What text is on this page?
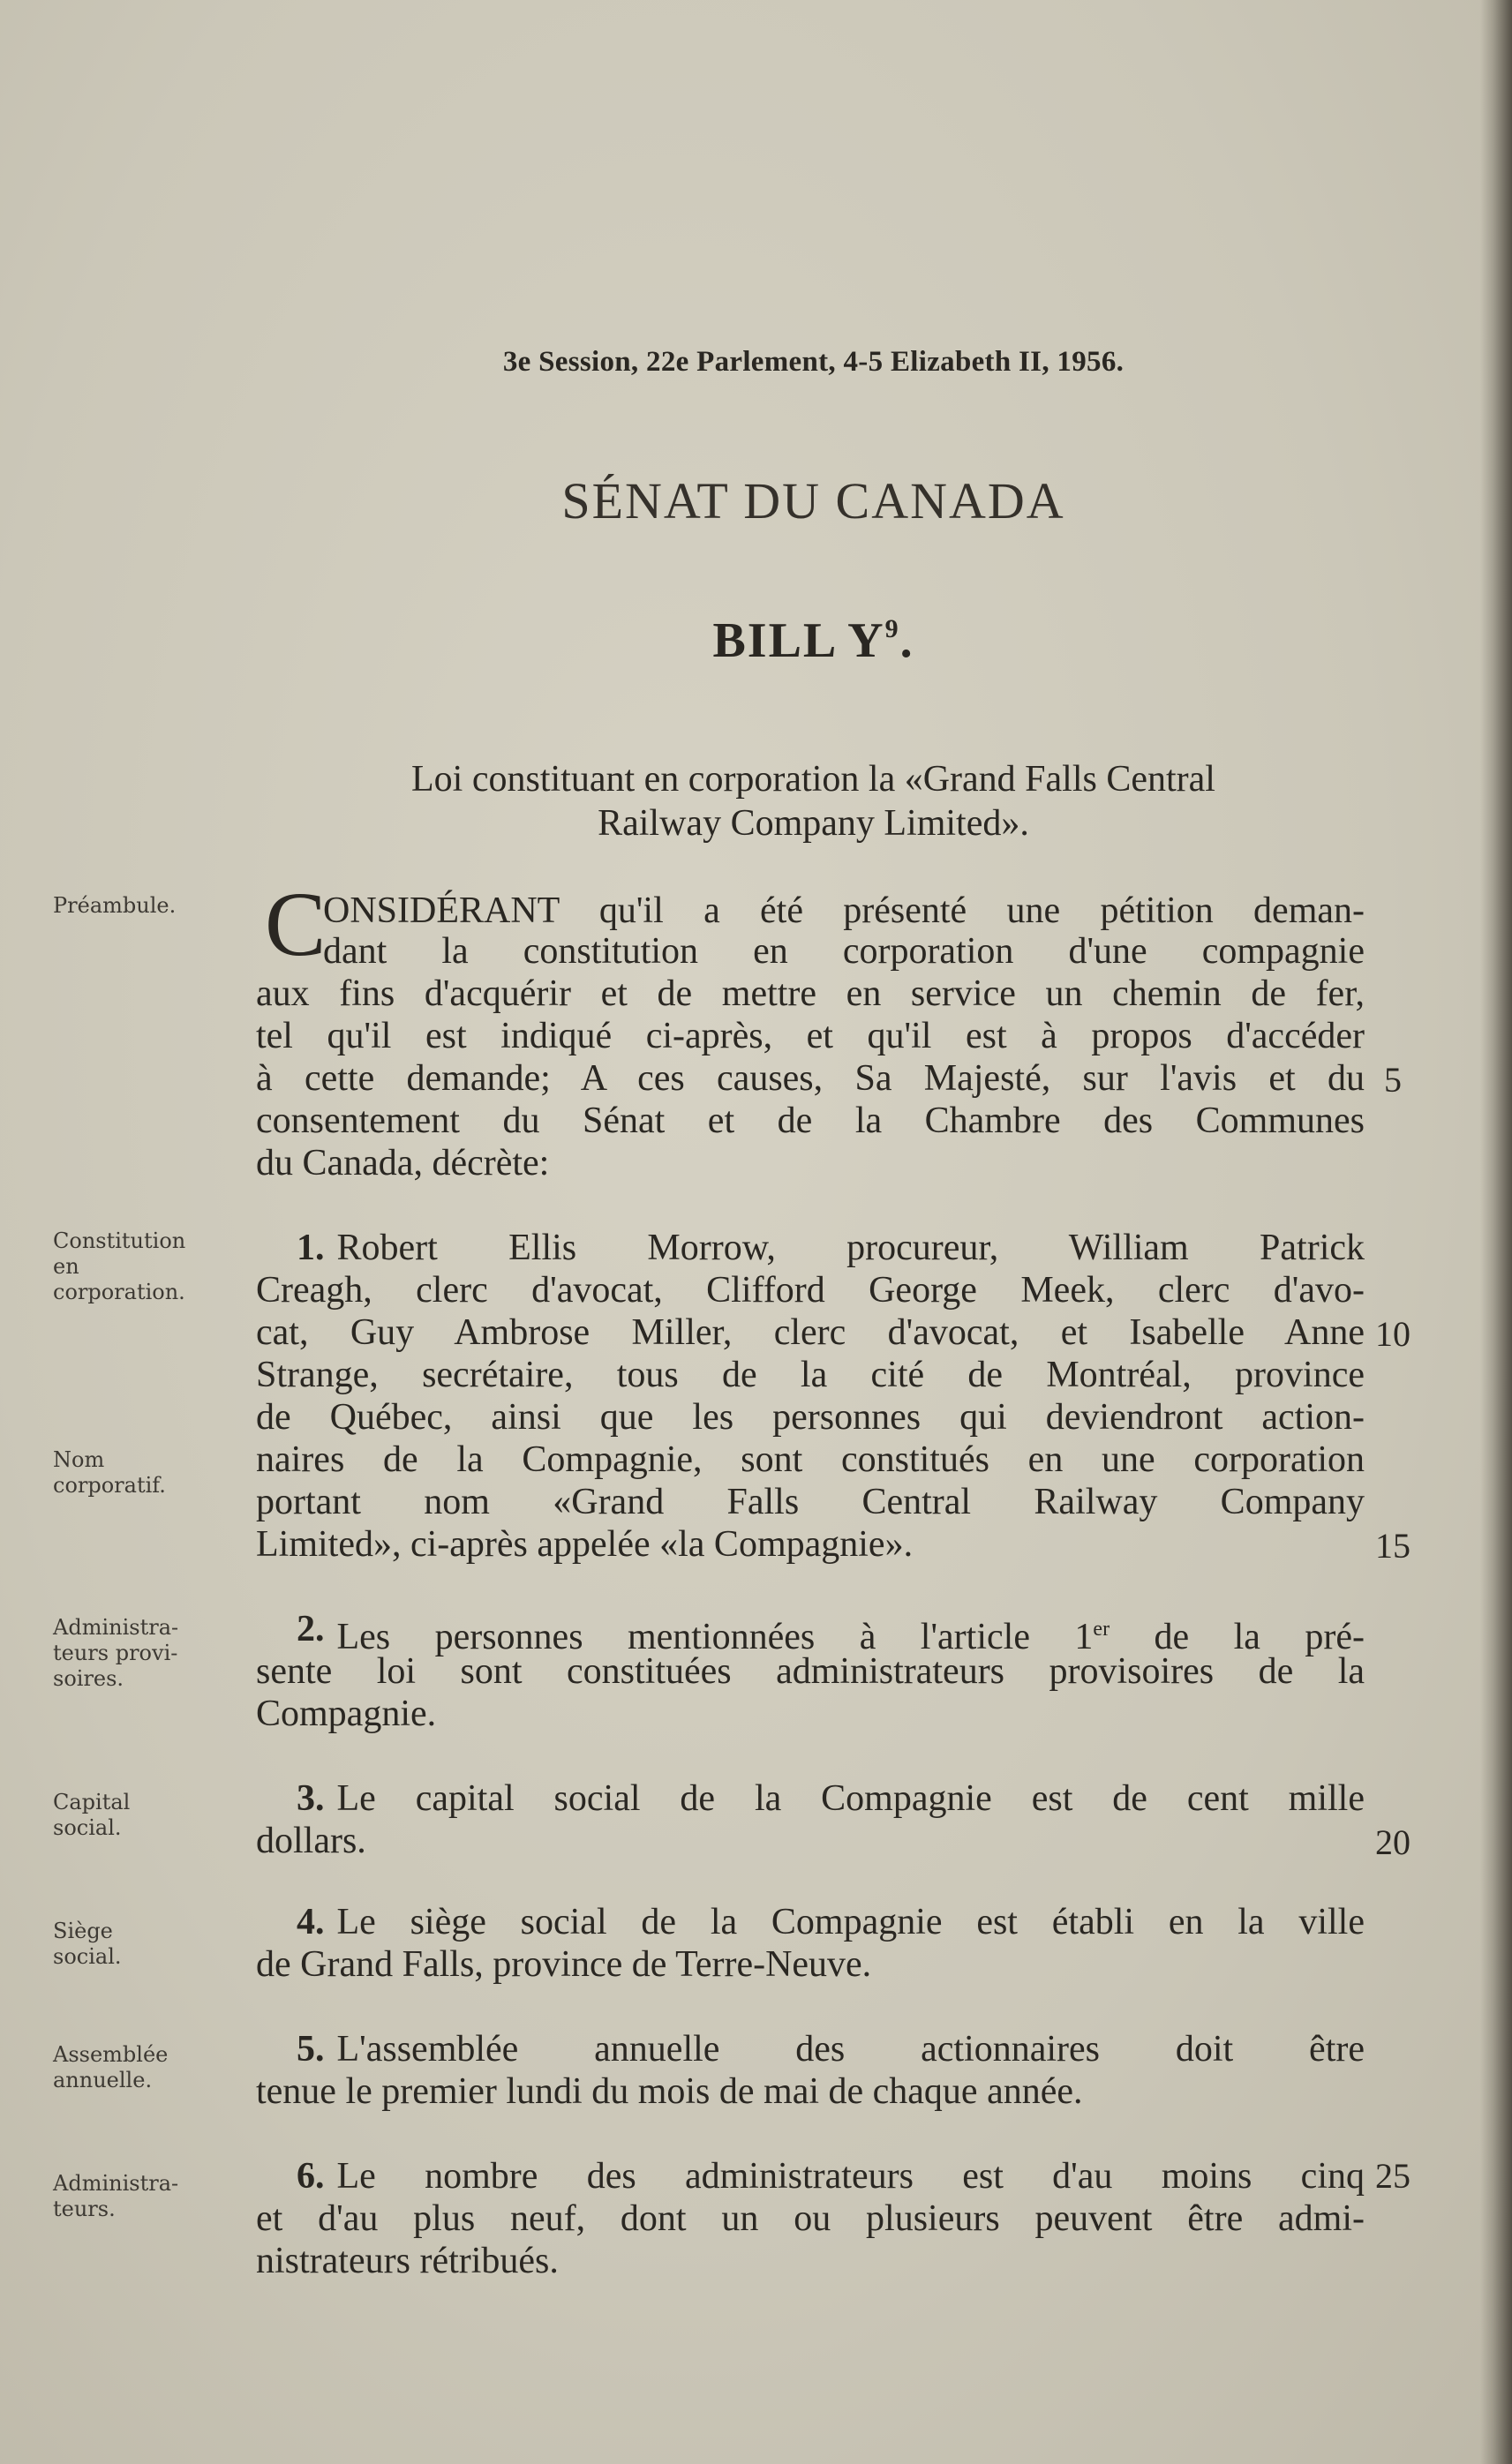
3e Session, 22e Parlement, 4-5 Elizabeth II, 1956.
SÉNAT DU CANADA
BILL $Y^9$.
Loi constituant en corporation la «Grand Falls Central
Railway Company Limited».
Préambule.
Constitution
en
corporation.
Nom
corporatif.
Administra-
teurs provi-
soires.
Capital
social.
Siège
social.
Assemblée
annuelle.
Administra-
teurs.
C
ONSIDÉRANT qu'il a été présenté une pétition deman-
dant la constitution en corporation d'une compagnie
aux fins d'acquérir et de mettre en service un chemin de fer,
tel qu'il est indiqué ci-après, et qu'il est à propos d'accéder
à cette demande; A ces causes, Sa Majesté, sur l'avis et du 5
consentement du Sénat et de la Chambre des Communes
du Canada, décrète:
1. Robert Ellis Morrow, procureur, William Patrick
Creagh, clerc d'avocat, Clifford George Meek, clerc d'avo-
cat, Guy Ambrose Miller, clerc d'avocat, et Isabelle Anne 10
Strange, secrétaire, tous de la cité de Montréal, province
de Québec, ainsi que les personnes qui deviendront action-
naires de la Compagnie, sont constitués en une corporation
portant nom «Grand Falls Central Railway Company
Limited», ci-après appelée «la Compagnie».	15
2. Les personnes mentionnées à l'article 1er de la pré-
sente loi sont constituées administrateurs provisoires de la
Compagnie.
3. Le capital social de la Compagnie est de cent mille
dollars.	20
4. Le siège social de la Compagnie est établi en la ville
de Grand Falls, province de Terre-Neuve.
5. L'assemblée annuelle des actionnaires doit être
tenue le premier lundi du mois de mai de chaque année.
6. Le nombre des administrateurs est d'au moins cinq 25
et d'au plus neuf, dont un ou plusieurs peuvent être admi-
nistrateurs rétribués.
